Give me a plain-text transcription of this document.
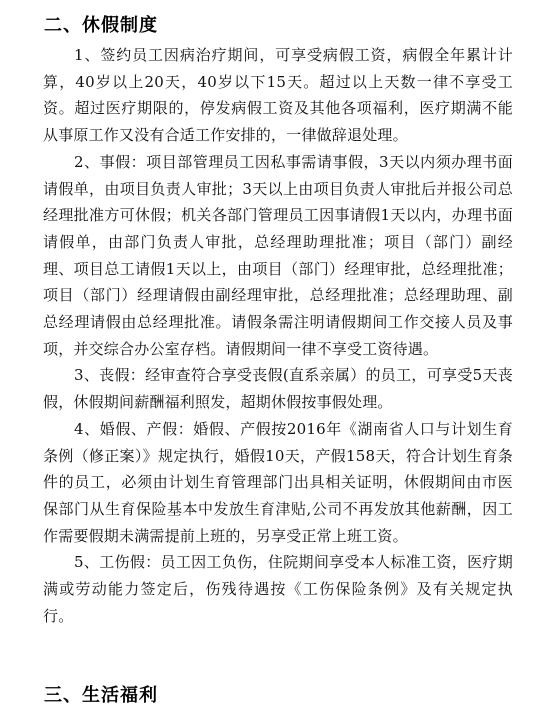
二、休假制度

1、签约员工因病治疗期间，可享受病假工资，病假全年累计计算，40岁以上20天，40岁以下15天。超过以上天数一律不享受工资。超过医疗期限的，停发病假工资及其他各项福利，医疗期满不能从事原工作又没有合适工作安排的，一律做辞退处理。

2、事假：项目部管理员工因私事需请事假，3天以内须办理书面请假单，由项目负责人审批；3天以上由项目负责人审批后并报公司总经理批准方可休假；机关各部门管理员工因事请假1天以内，办理书面请假单，由部门负责人审批，总经理助理批准；项目（部门）副经理、项目总工请假1天以上，由项目（部门）经理审批，总经理批准；项目（部门）经理请假由副经理审批，总经理批准；总经理助理、副总经理请假由总经理批准。请假条需注明请假期间工作交接人员及事项，并交综合办公室存档。请假期间一律不享受工资待遇。

3、丧假：经审查符合享受丧假(直系亲属）的员工，可享受5天丧假，休假期间薪酬福利照发，超期休假按事假处理。

4、婚假、产假：婚假、产假按2016年《湖南省人口与计划生育条例（修正案）》规定执行，婚假10天，产假158天，符合计划生育条件的员工，必须由计划生育管理部门出具相关证明，休假期间由市医保部门从生育保险基本中发放生育津贴,公司不再发放其他薪酬，因工作需要假期未满需提前上班的，另享受正常上班工资。

5、工伤假：员工因工负伤，住院期间享受本人标准工资，医疗期满或劳动能力签定后，伤残待遇按《工伤保险条例》及有关规定执行。

三、生活福利
